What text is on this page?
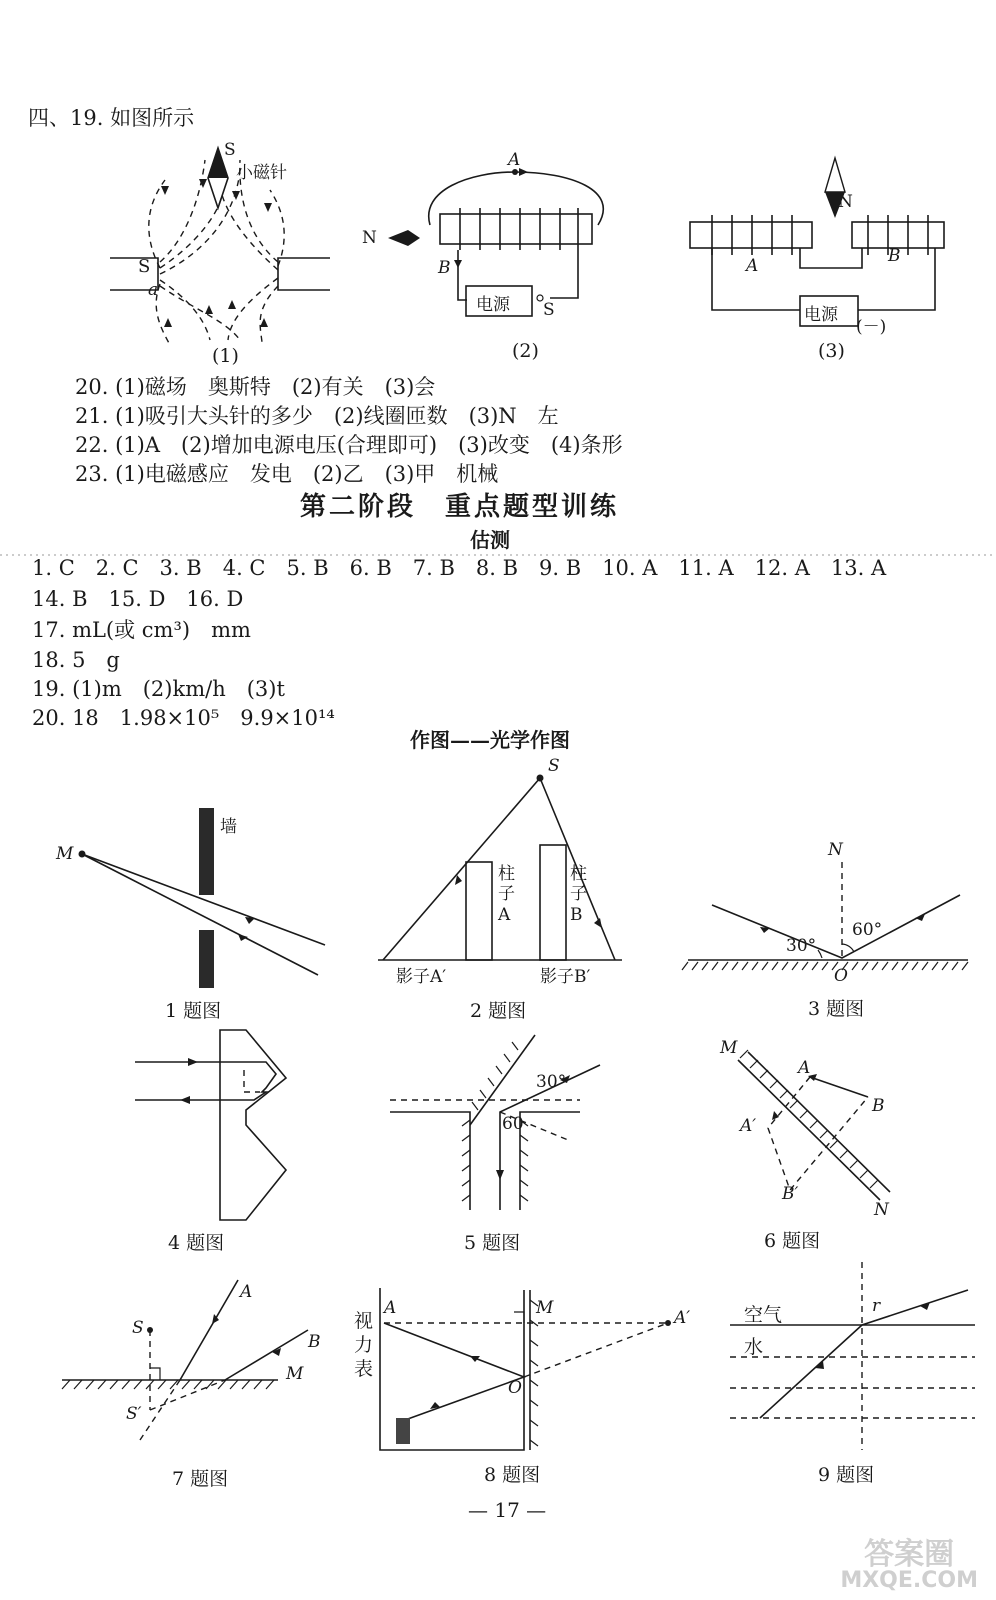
四、19. 如图所示
S
小磁针
S
a
(1)
A
N
B
电源 S
(2)
N
A	B
电源
(－)
(3)
20. (1)磁场　奥斯特　(2)有关　(3)会
21. (1)吸引大头针的多少　(2)线圈匝数　(3)N　左
22. (1)A　(2)增加电源电压(合理即可)　(3)改变　(4)条形
23. (1)电磁感应　发电　(2)乙　(3)甲　机械
第二阶段　重点题型训练
估测
1. C　2. C　3. B　4. C　5. B　6. B　7. B　8. B　9. B　10. A　11. A　12. A　13. A
14. B　15. D　16. D
17. mL(或 cm³)　mm
18. 5　g
19. (1)m　(2)km/h　(3)t
20. 18　1.98×10⁵　9.9×10¹⁴
作图——光学作图
墙
M
1 题图
S
柱子A
柱子B
影子A′	影子B′
2 题图
N
30°
60°
O
3 题图
4 题图
30°
60
5 题图
M
A
B
A′
B′
N
6 题图
S
A
B
M
S′
7 题图
视力表
A	M
O
A′
8 题图
空气
水
r
9 题图
— 17 —
答案圈
MXQE.COM
